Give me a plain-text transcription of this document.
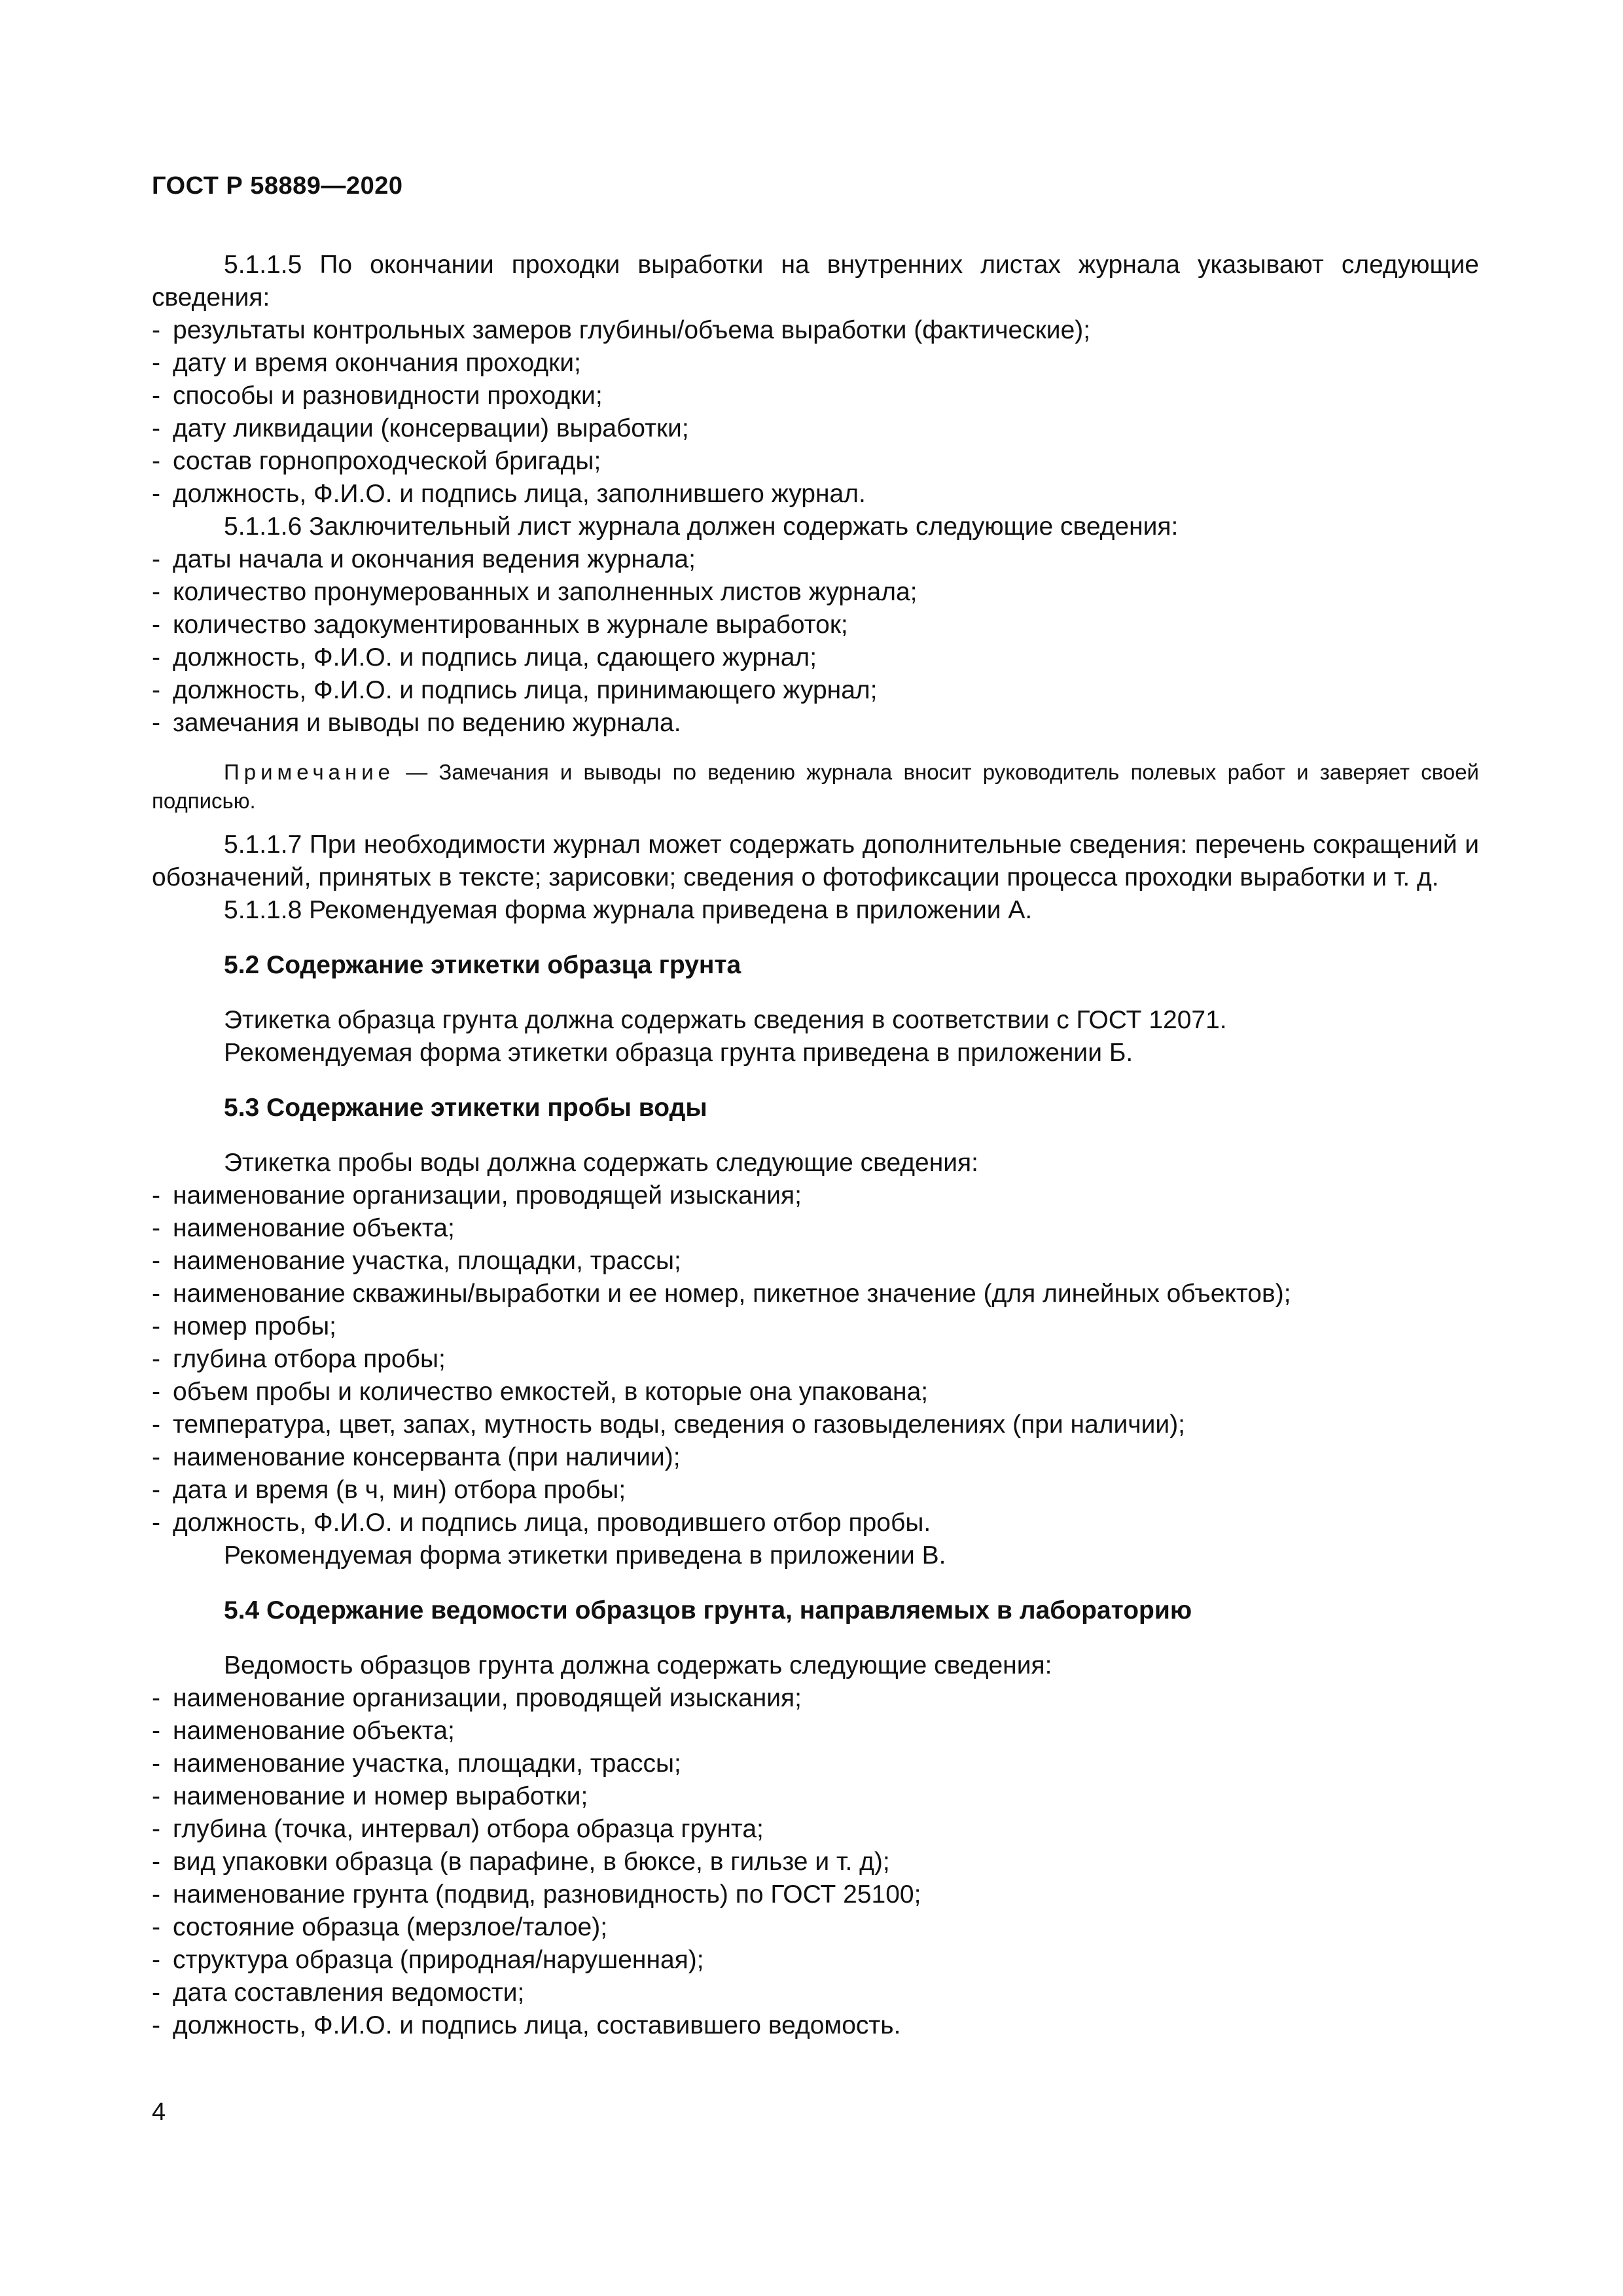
ГОСТ Р 58889—2020

5.1.1.5 По окончании проходки выработки на внутренних листах журнала указывают следующие сведения:

- результаты контрольных замеров глубины/объема выработки (фактические);
- дату и время окончания проходки;
- способы и разновидности проходки;
- дату ликвидации (консервации) выработки;
- состав горнопроходческой бригады;
- должность, Ф.И.О. и подпись лица, заполнившего журнал.

5.1.1.6 Заключительный лист журнала должен содержать следующие сведения:

- даты начала и окончания ведения журнала;
- количество пронумерованных и заполненных листов журнала;
- количество задокументированных в журнале выработок;
- должность, Ф.И.О. и подпись лица, сдающего журнал;
- должность, Ф.И.О. и подпись лица, принимающего журнал;
- замечания и выводы по ведению журнала.

Примечание — Замечания и выводы по ведению журнала вносит руководитель полевых работ и заверяет своей подписью.

5.1.1.7 При необходимости журнал может содержать дополнительные сведения: перечень сокращений и обозначений, принятых в тексте; зарисовки; сведения о фотофиксации процесса проходки выработки и т. д.

5.1.1.8 Рекомендуемая форма журнала приведена в приложении А.

5.2 Содержание этикетки образца грунта

Этикетка образца грунта должна содержать сведения в соответствии с ГОСТ 12071.

Рекомендуемая форма этикетки образца грунта приведена в приложении Б.

5.3 Содержание этикетки пробы воды

Этикетка пробы воды должна содержать следующие сведения:

- наименование организации, проводящей изыскания;
- наименование объекта;
- наименование участка, площадки, трассы;
- наименование скважины/выработки и ее номер, пикетное значение (для линейных объектов);
- номер пробы;
- глубина отбора пробы;
- объем пробы и количество емкостей, в которые она упакована;
- температура, цвет, запах, мутность воды, сведения о газовыделениях (при наличии);
- наименование консерванта (при наличии);
- дата и время (в ч, мин) отбора пробы;
- должность, Ф.И.О. и подпись лица, проводившего отбор пробы.

Рекомендуемая форма этикетки приведена в приложении В.

5.4 Содержание ведомости образцов грунта, направляемых в лабораторию

Ведомость образцов грунта должна содержать следующие сведения:

- наименование организации, проводящей изыскания;
- наименование объекта;
- наименование участка, площадки, трассы;
- наименование и номер выработки;
- глубина (точка, интервал) отбора образца грунта;
- вид упаковки образца (в парафине, в бюксе, в гильзе и т. д);
- наименование грунта (подвид, разновидность) по ГОСТ 25100;
- состояние образца (мерзлое/талое);
- структура образца (природная/нарушенная);
- дата составления ведомости;
- должность, Ф.И.О. и подпись лица, составившего ведомость.
4
